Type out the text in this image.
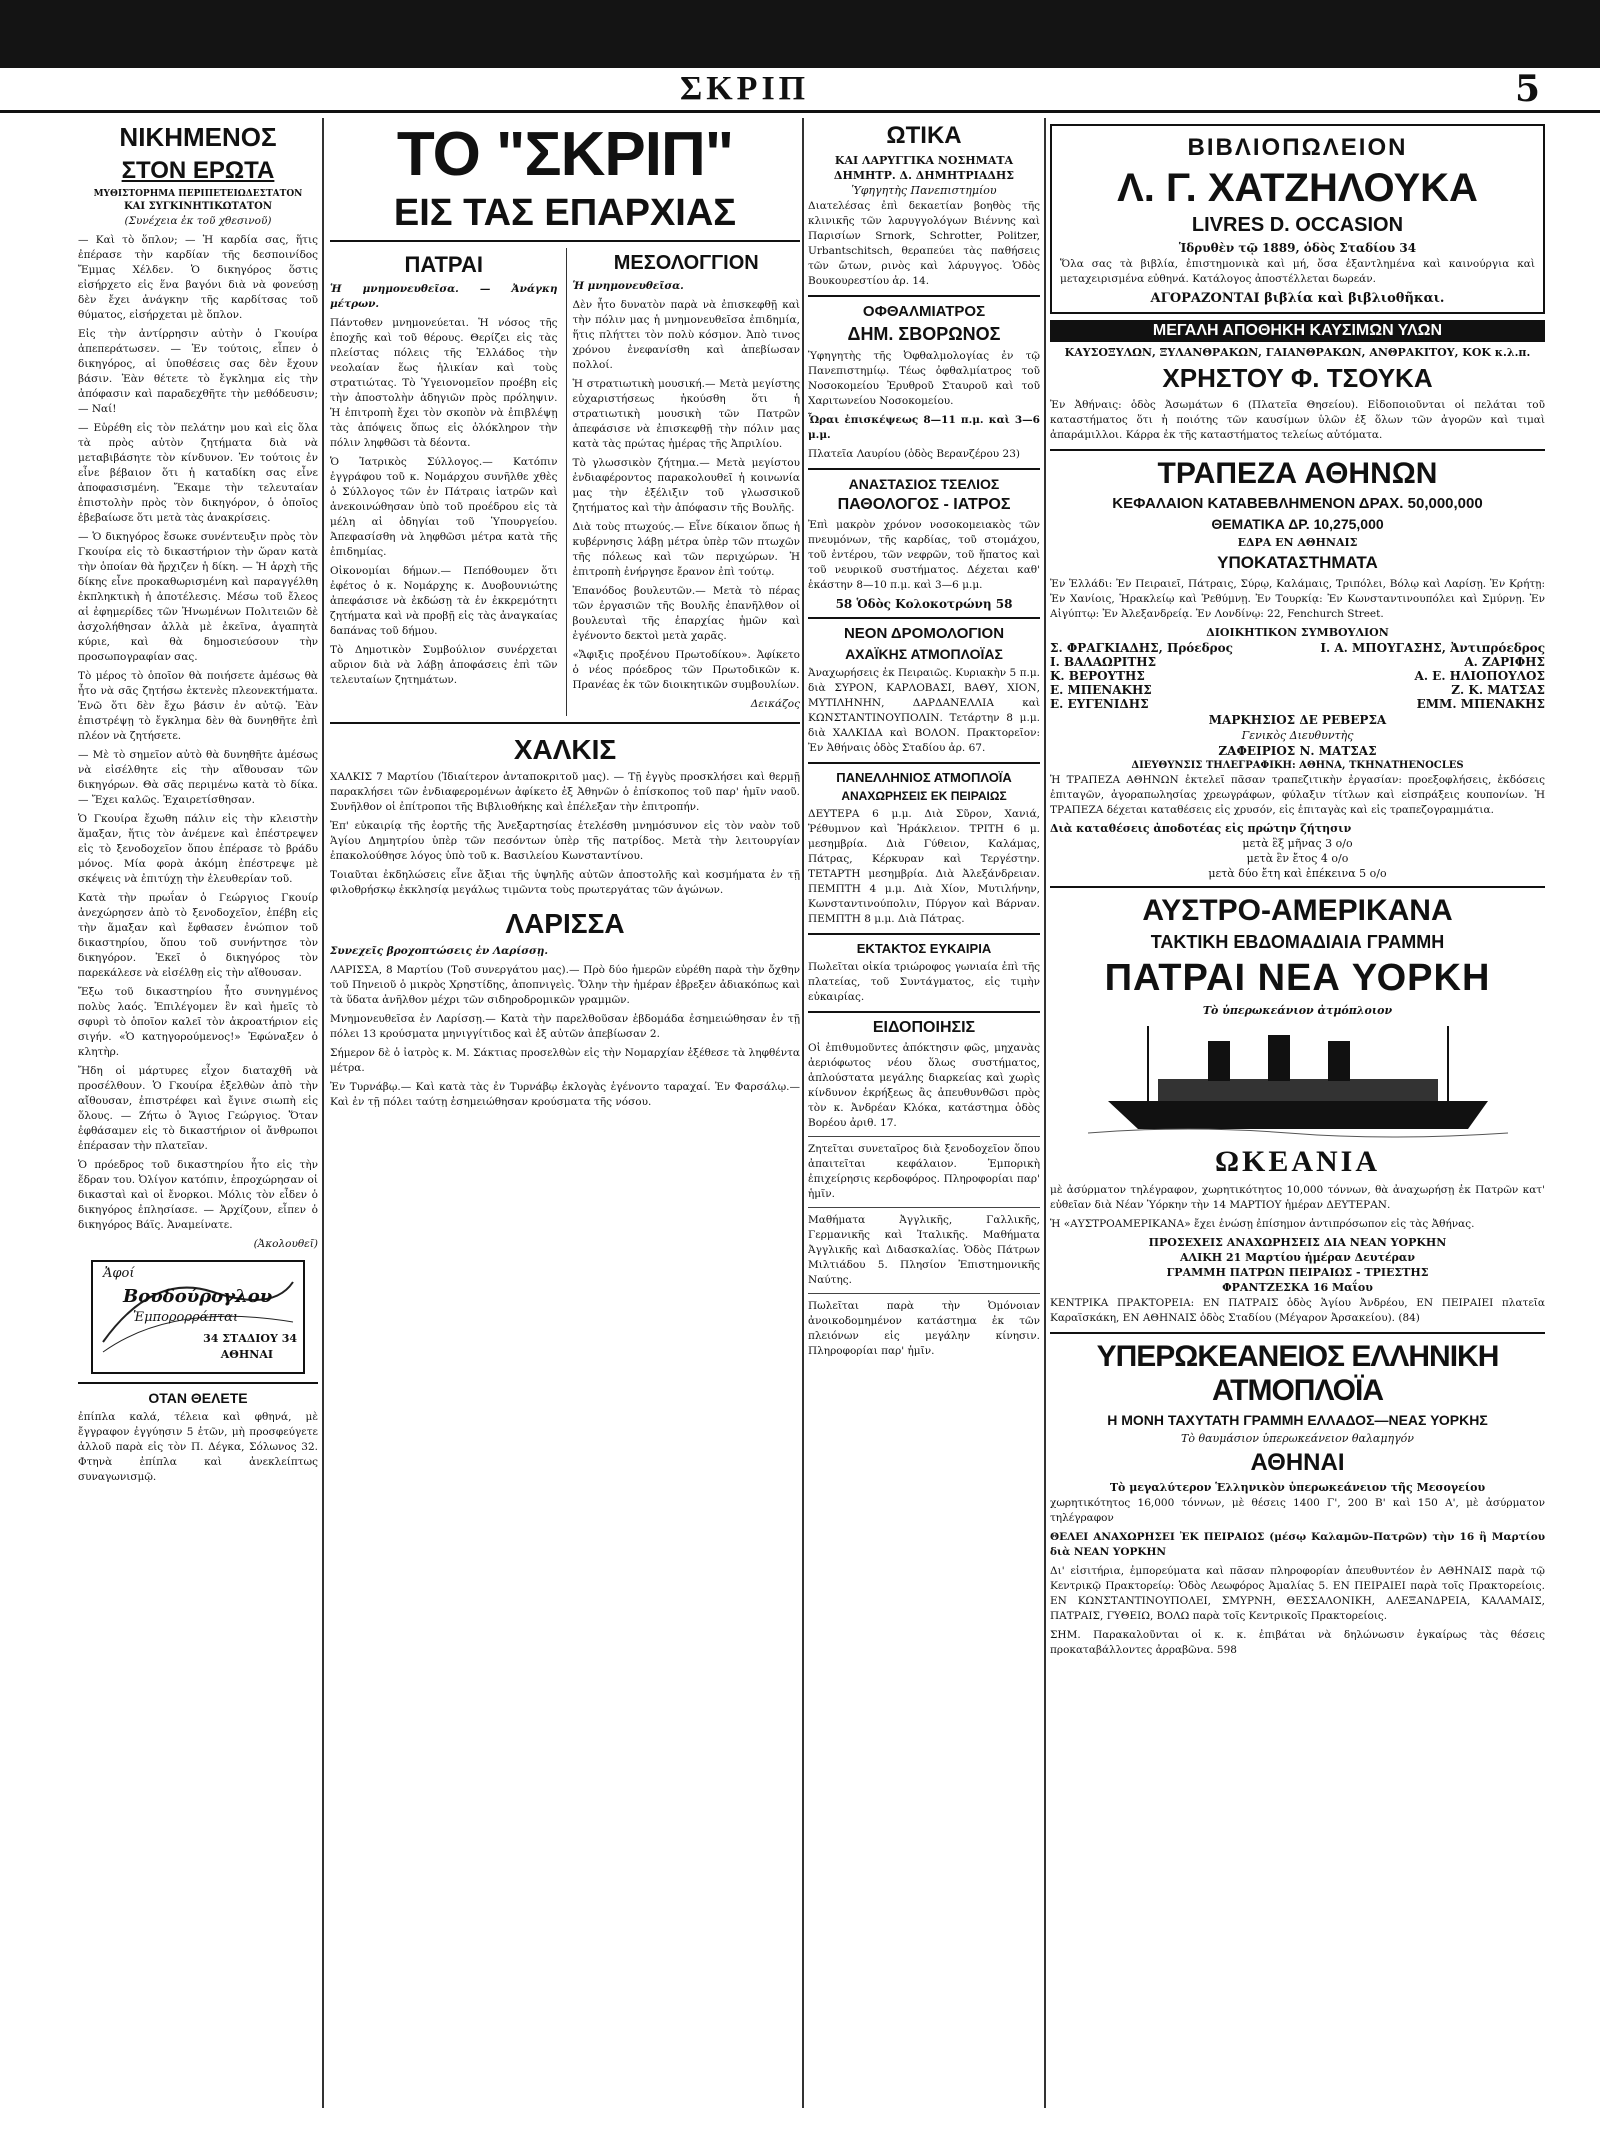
ΣΚΡΙΠ	5
ΝΙΚΗΜΕΝΟΣ
ΣΤΟΝ ΕΡΩΤΑ
ΜΥΘΙΣΤΟΡΗΜΑ ΠΕΡΙΠΕΤΕΙΩΔΕΣΤΑΤΟΝ
ΚΑΙ ΣΥΓΚΙΝΗΤΙΚΩΤΑΤΟΝ

(Συνέχεια ἐκ τοῦ χθεσινοῦ)

— Καὶ τὸ ὅπλον; — Ἡ καρδία σας, ἥτις ἐπέρασε τὴν καρδίαν τῆς δεσποινίδος Ἔμμας Χέλδεν. Ὁ δικηγόρος ὅστις εἰσήρχετο εἰς ἕνα βαγόνι διὰ νὰ φονεύσῃ δὲν ἔχει ἀνάγκην τῆς καρδίτσας τοῦ θύματος, εἰσήρχεται μὲ ὅπλον.

Εἰς τὴν ἀντίρρησιν αὐτὴν ὁ Γκουίρα ἀπεπεράτωσεν. — Ἐν τούτοις, εἶπεν ὁ δικηγόρος, αἱ ὑποθέσεις σας δὲν ἔχουν βάσιν. Ἐὰν θέτετε τὸ ἔγκλημα εἰς τὴν ἀπόφασιν καὶ παραδεχθῆτε τὴν μεθόδευσιν; — Ναί!

— Εὑρέθη εἰς τὸν πελάτην μου καὶ εἰς ὅλα τὰ πρὸς αὐτὸν ζητήματα διὰ νὰ μεταβιβάσητε τὸν κίνδυνον. Ἐν τούτοις ἐν εἶνε βέβαιον ὅτι ἡ καταδίκη σας εἶνε ἀποφασισμένη. Ἔκαμε τὴν τελευταίαν ἐπιστολὴν πρὸς τὸν δικηγόρον, ὁ ὁποῖος ἐβεβαίωσε ὅτι μετὰ τὰς ἀνακρίσεις.

— Ὁ δικηγόρος ἔσωκε συνέντευξιν πρὸς τὸν Γκουίρα εἰς τὸ δικαστήριον τὴν ὥραν κατὰ τὴν ὁποίαν θὰ ἤρχιζεν ἡ δίκη. — Ἡ ἀρχὴ τῆς δίκης εἶνε προκαθωρισμένη καὶ παραγγέλθη ἐκπληκτικὴ ἡ ἀποτέλεσις. Μέσω τοῦ ἔλεος αἱ ἐφημερίδες τῶν Ἠνωμένων Πολιτειῶν δὲ ἀσχολήθησαν ἀλλὰ μὲ ἐκεῖνα, ἀγαπητὰ κύριε, καὶ θὰ δημοσιεύσουν τὴν προσωπογραφίαν σας.

Τὸ μέρος τὸ ὁποῖον θὰ ποιήσετε ἀμέσως θὰ ἦτο νὰ σᾶς ζητήσω ἐκτενὲς πλεονεκτήματα. Ἐνῶ ὅτι δὲν ἔχω βάσιν ἐν αὐτῷ. Ἐὰν ἐπιστρέψῃ τὸ ἔγκλημα δὲν θὰ δυνηθῆτε ἐπὶ πλέον νὰ ζητήσετε.

— Μὲ τὸ σημεῖον αὐτὸ θὰ δυνηθῆτε ἀμέσως νὰ εἰσέλθητε εἰς τὴν αἴθουσαν τῶν δικηγόρων. Θὰ σᾶς περιμένω κατὰ τὸ δίκα. — Ἔχει καλῶς. Ἐχαιρετίσθησαν.

Ὁ Γκουίρα ἔχωθη πάλιν εἰς τὴν κλειστὴν ἅμαξαν, ἥτις τὸν ἀνέμενε καὶ ἐπέστρεψεν εἰς τὸ ξενοδοχεῖον ὅπου ἐπέρασε τὸ βράδυ μόνος. Μία φορὰ ἀκόμη ἐπέστρεψε μὲ σκέψεις νὰ ἐπιτύχῃ τὴν ἐλευθερίαν τοῦ.

Κατὰ τὴν πρωΐαν ὁ Γεώργιος Γκουίρ ἀνεχώρησεν ἀπὸ τὸ ξενοδοχεῖον, ἐπέβη εἰς τὴν ἅμαξαν καὶ ἔφθασεν ἐνώπιον τοῦ δικαστηρίου, ὅπου τοῦ συνήντησε τὸν δικηγόρον. Ἐκεῖ ὁ δικηγόρος τὸν παρεκάλεσε νὰ εἰσέλθῃ εἰς τὴν αἴθουσαν.

Ἔξω τοῦ δικαστηρίου ἦτο συνηγμένος πολὺς λαός. Ἐπιλέγομεν ἓν καὶ ἡμεῖς τὸ σφυρὶ τὸ ὁποῖον καλεῖ τὸν ἀκροατήριον εἰς σιγήν. «Ὁ κατηγορούμενος!» Ἐφώναξεν ὁ κλητὴρ.

Ἤδη οἱ μάρτυρες εἶχον διαταχθῆ νὰ προσέλθουν. Ὁ Γκουίρα ἐξελθὼν ἀπὸ τὴν αἴθουσαν, ἐπιστρέφει καὶ ἔγινε σιωπὴ εἰς ὅλους. — Ζήτω ὁ Ἅγιος Γεώργιος. Ὅταν ἐφθάσαμεν εἰς τὸ δικαστήριον οἱ ἄνθρωποι ἐπέρασαν τὴν πλατεῖαν.

Ὁ πρόεδρος τοῦ δικαστηρίου ἦτο εἰς τὴν ἕδραν του. Ὀλίγον κατόπιν, ἐπροχώρησαν οἱ δικασταὶ καὶ οἱ ἔνορκοι. Μόλις τὸν εἶδεν ὁ δικηγόρος ἐπλησίασε. — Ἀρχίζουν, εἶπεν ὁ δικηγόρος Βάϊς. Ἀναμείνατε.

(Ἀκολουθεῖ)

Ἀφοί
Βουδούρογλου
Ἐμπορορράπται
34 ΣΤΑΔΙΟΥ 34
ΑΘΗΝΑΙ
ΟΤΑΝ ΘΕΛΕΤΕ

ἐπίπλα καλά, τέλεια καὶ φθηνά, μὲ ἔγγραφον ἐγγύησιν 5 ἐτῶν, μὴ προσφεύγετε ἀλλοῦ παρὰ εἰς τὸν Π. Δέγκα, Σόλωνος 32. Φτηνὰ ἐπίπλα καὶ ἀνεκλείπτως συναγωνισμῷ.

ΤΟ "ΣΚΡΙΠ"
ΕΙΣ ΤΑΣ ΕΠΑΡΧΙΑΣ
ΠΑΤΡΑΙ

Ἡ μνημονευθεῖσα. — Ἀνάγκη μέτρων.

Πάντοθεν μνημονεύεται. Ἡ νόσος τῆς ἐποχῆς καὶ τοῦ θέρους. Θερίζει εἰς τὰς πλείστας πόλεις τῆς Ἑλλάδος τὴν νεολαίαν ἕως ἡλικίαν καὶ τοὺς στρατιώτας. Τὸ Ὑγειονομεῖον προέβη εἰς τὴν ἀποστολὴν ἀδηγιῶν πρὸς πρόληψιν. Ἡ ἐπιτροπὴ ἔχει τὸν σκοπὸν νὰ ἐπιβλέψῃ τὰς ἀπόψεις ὅπως εἰς ὁλόκληρον τὴν πόλιν ληφθῶσι τὰ δέοντα.

Ὁ Ἰατρικὸς Σύλλογος.— Κατόπιν ἐγγράφου τοῦ κ. Νομάρχου συνῆλθε χθὲς ὁ Σύλλογος τῶν ἐν Πάτραις ἰατρῶν καὶ ἀνεκοινώθησαν ὑπὸ τοῦ προέδρου εἰς τὰ μέλη αἱ ὁδηγίαι τοῦ Ὑπουργείου. Ἀπεφασίσθη νὰ ληφθῶσι μέτρα κατὰ τῆς ἐπιδημίας.

Οἰκονομίαι δήμων.— Πεπόθουμεν ὅτι ἐφέτος ὁ κ. Νομάρχης κ. Δυοβουνιώτης ἀπεφάσισε νὰ ἐκδώσῃ τὰ ἐν ἐκκρεμότητι ζητήματα καὶ νὰ προβῇ εἰς τὰς ἀναγκαίας δαπάνας τοῦ δήμου.

Τὸ Δημοτικὸν Συμβούλιον συνέρχεται αὔριον διὰ νὰ λάβῃ ἀποφάσεις ἐπὶ τῶν τελευταίων ζητημάτων.

ΜΕΣΟΛΟΓΓΙΟΝ

Ἡ μνημονευθεῖσα.

Δὲν ἦτο δυνατὸν παρὰ νὰ ἐπισκεφθῇ καὶ τὴν πόλιν μας ἡ μνημονευθεῖσα ἐπιδημία, ἥτις πλήττει τὸν πολὺ κόσμον. Ἀπὸ τινος χρόνου ἐνεφανίσθη καὶ ἀπεβίωσαν πολλοί.

Ἡ στρατιωτικὴ μουσική.— Μετὰ μεγίστης εὐχαριστήσεως ἠκούσθη ὅτι ἡ στρατιωτικὴ μουσικὴ τῶν Πατρῶν ἀπεφάσισε νὰ ἐπισκεφθῇ τὴν πόλιν μας κατὰ τὰς πρώτας ἡμέρας τῆς Ἀπριλίου.

Τὸ γλωσσικὸν ζήτημα.— Μετὰ μεγίστου ἐνδιαφέροντος παρακολουθεῖ ἡ κοινωνία μας τὴν ἐξέλιξιν τοῦ γλωσσικοῦ ζητήματος καὶ τὴν ἀπόφασιν τῆς Βουλῆς.

Διὰ τοὺς πτωχούς.— Εἶνε δίκαιον ὅπως ἡ κυβέρνησις λάβῃ μέτρα ὑπὲρ τῶν πτωχῶν τῆς πόλεως καὶ τῶν περιχώρων. Ἡ ἐπιτροπὴ ἐνήργησε ἔρανον ἐπὶ τούτῳ.

Ἐπανόδος βουλευτῶν.— Μετὰ τὸ πέρας τῶν ἐργασιῶν τῆς Βουλῆς ἐπανῆλθον οἱ βουλευταὶ τῆς ἐπαρχίας ἡμῶν καὶ ἐγένοντο δεκτοὶ μετὰ χαρᾶς.

«Ἄφιξις προξένου Πρωτοδίκου». Ἀφίκετο ὁ νέος πρόεδρος τῶν Πρωτοδικῶν κ. Πρανέας ἐκ τῶν διοικητικῶν συμβουλίων.

Δεικάζος

ΧΑΛΚΙΣ

ΧΑΛΚΙΣ 7 Μαρτίου (Ἰδιαίτερον ἀνταποκριτοῦ μας). — Τῇ ἐγγὺς προσκλήσει καὶ θερμῇ παρακλήσει τῶν ἐνδιαφερομένων ἀφίκετο ἐξ Ἀθηνῶν ὁ ἐπίσκοπος τοῦ παρ' ἡμῖν ναοῦ. Συνῆλθον οἱ ἐπίτροποι τῆς Βιβλιοθήκης καὶ ἐπέλεξαν τὴν ἐπιτροπήν.

Ἐπ' εὐκαιρίᾳ τῆς ἑορτῆς τῆς Ἀνεξαρτησίας ἐτελέσθη μνημόσυνον εἰς τὸν ναὸν τοῦ Ἁγίου Δημητρίου ὑπὲρ τῶν πεσόντων ὑπὲρ τῆς πατρίδος. Μετὰ τὴν λειτουργίαν ἐπακολούθησε λόγος ὑπὸ τοῦ κ. Βασιλείου Κωνσταντίνου.

Τοιαῦται ἐκδηλώσεις εἶνε ἄξιαι τῆς ὑψηλῆς αὐτῶν ἀποστολῆς καὶ κοσμήματα ἐν τῇ φιλοθρήσκῳ ἐκκλησίᾳ μεγάλως τιμῶντα τοὺς πρωτεργάτας τῶν ἀγώνων.

ΛΑΡΙΣΣΑ

Συνεχεῖς βροχοπτώσεις ἐν Λαρίσσῃ.

ΛΑΡΙΣΣΑ, 8 Μαρτίου (Τοῦ συνεργάτου μας).— Πρὸ δύο ἡμερῶν εὑρέθη παρὰ τὴν ὄχθην τοῦ Πηνειοῦ ὁ μικρὸς Χρηστίδης, ἀποπνιγεὶς. Ὅλην τὴν ἡμέραν ἐβρεξεν ἀδιακόπως καὶ τὰ ὕδατα ἀνῆλθον μέχρι τῶν σιδηροδρομικῶν γραμμῶν.

Μνημονευθεῖσα ἐν Λαρίσσῃ.— Κατὰ τὴν παρελθοῦσαν ἑβδομάδα ἐσημειώθησαν ἐν τῇ πόλει 13 κρούσματα μηνιγγίτιδος καὶ ἐξ αὐτῶν ἀπεβίωσαν 2.

Σήμερον δὲ ὁ ἰατρὸς κ. Μ. Σάκτιας προσελθὼν εἰς τὴν Νομαρχίαν ἐξέθεσε τὰ ληφθέντα μέτρα.

Ἐν Τυρνάβῳ.— Καὶ κατὰ τὰς ἐν Τυρνάβῳ ἐκλογὰς ἐγένοντο ταραχαί. Ἐν Φαρσάλῳ.— Καὶ ἐν τῇ πόλει ταύτῃ ἐσημειώθησαν κρούσματα τῆς νόσου.

ΩΤΙΚΑ
ΚΑΙ ΛΑΡΥΓΓΙΚΑ ΝΟΣΗΜΑΤΑ
ΔΗΜΗΤΡ. Δ. ΔΗΜΗΤΡΙΑΔΗΣ
Ὑφηγητὴς Πανεπιστημίου

Διατελέσας ἐπὶ δεκαετίαν βοηθὸς τῆς κλινικῆς τῶν λαρυγγολόγων Βιέννης καὶ Παρισίων Srnork, Schrotter, Politzer, Urbantschitsch, θεραπεύει τὰς παθήσεις τῶν ὤτων, ρινὸς καὶ λάρυγγος. Ὁδὸς Βουκουρεστίου ἀρ. 14.

ΟΦΘΑΛΜΙΑΤΡΟΣ
ΔΗΜ. ΣΒΟΡΩΝΟΣ

Ὑφηγητὴς τῆς Ὀφθαλμολογίας ἐν τῷ Πανεπιστημίῳ. Τέως ὀφθαλμίατρος τοῦ Νοσοκομείου Ἐρυθροῦ Σταυροῦ καὶ τοῦ Χαριτωνείου Νοσοκομείου.

Ὧραι ἐπισκέψεως 8—11 π.μ. καὶ 3—6 μ.μ.

Πλατεῖα Λαυρίου (ὁδὸς Βερανζέρου 23)

ΑΝΑΣΤΑΣΙΟΣ ΤΣΕΛΙΟΣ
ΠΑΘΟΛΟΓΟΣ - ΙΑΤΡΟΣ

Ἐπὶ μακρὸν χρόνον νοσοκομειακὸς τῶν πνευμόνων, τῆς καρδίας, τοῦ στομάχου, τοῦ ἐντέρου, τῶν νεφρῶν, τοῦ ἥπατος καὶ τοῦ νευρικοῦ συστήματος. Δέχεται καθ' ἑκάστην 8—10 π.μ. καὶ 3—6 μ.μ.

58 Ὁδὸς Κολοκοτρώνη 58
ΝΕΟΝ ΔΡΟΜΟΛΟΓΙΟΝ
ΑΧΑΪΚΗΣ ΑΤΜΟΠΛΟΪΑΣ

Ἀναχωρήσεις ἐκ Πειραιῶς. Κυριακὴν 5 π.μ. διὰ ΣΥΡΟΝ, ΚΑΡΛΟΒΑΣΙ, ΒΑΘΥ, ΧΙΟΝ, ΜΥΤΙΛΗΝΗΝ, ΔΑΡΔΑΝΕΛΛΙΑ καὶ ΚΩΝΣΤΑΝΤΙΝΟΥΠΟΛΙΝ. Τετάρτην 8 μ.μ. διὰ ΧΑΛΚΙΔΑ καὶ ΒΟΛΟΝ. Πρακτορεῖον: Ἐν Ἀθήναις ὁδὸς Σταδίου ἀρ. 67.

ΠΑΝΕΛΛΗΝΙΟΣ ΑΤΜΟΠΛΟΪΑ
ΑΝΑΧΩΡΗΣΕΙΣ ΕΚ ΠΕΙΡΑΙΩΣ

ΔΕΥΤΕΡΑ 6 μ.μ. Διὰ Σῦρον, Χανιά, Ῥέθυμνον καὶ Ἡράκλειον. ΤΡΙΤΗ 6 μ. μεσημβρία. Διὰ Γύθειον, Καλάμας, Πάτρας, Κέρκυραν καὶ Τεργέστην. ΤΕΤΑΡΤΗ μεσημβρία. Διὰ Ἀλεξάνδρειαν. ΠΕΜΠΤΗ 4 μ.μ. Διὰ Χίον, Μυτιλήνην, Κωνσταντινούπολιν, Πύργον καὶ Βάρναν. ΠΕΜΠΤΗ 8 μ.μ. Διὰ Πάτρας.

ΕΚΤΑΚΤΟΣ ΕΥΚΑΙΡΙΑ

Πωλεῖται οἰκία τριώροφος γωνιαία ἐπὶ τῆς πλατείας, τοῦ Συντάγματος, εἰς τιμὴν εὐκαιρίας.

ΕΙΔΟΠΟΙΗΣΙΣ

Οἱ ἐπιθυμοῦντες ἀπόκτησιν φῶς, μηχανὰς ἀεριόφωτος νέου ὅλως συστήματος, ἁπλούστατα μεγάλης διαρκείας καὶ χωρὶς κίνδυνον ἐκρήξεως ἂς ἀπευθυνθῶσι πρὸς τὸν κ. Ἀνδρέαν Κλόκα, κατάστημα ὁδὸς Βορέου ἀριθ. 17.

Ζητεῖται συνεταῖρος διὰ ξενοδοχεῖον ὅπου ἀπαιτεῖται κεφάλαιον. Ἐμπορικὴ ἐπιχείρησις κερδοφόρος. Πληροφορίαι παρ' ἡμῖν.

Μαθήματα Ἀγγλικῆς, Γαλλικῆς, Γερμανικῆς καὶ Ἰταλικῆς. Μαθήματα Ἀγγλικῆς καὶ Διδασκαλίας. Ὁδὸς Πάτρων Μιλτιάδου 5. Πλησίον Ἐπιστημονικῆς Ναύτης.

Πωλεῖται παρὰ τὴν Ὀμόνοιαν ἀνοικοδομημένον κατάστημα ἐκ τῶν πλειόνων εἰς μεγάλην κίνησιν. Πληροφορίαι παρ' ἡμῖν.

ΒΙΒΛΙΟΠΩΛΕΙΟΝ
Λ. Γ. ΧΑΤΖΗΛΟΥΚΑ
LIVRES D. OCCASION
Ἱδρυθὲν τῷ 1889, ὁδὸς Σταδίου 34

Ὅλα σας τὰ βιβλία, ἐπιστημονικὰ καὶ μή, ὅσα ἐξαντλημένα καὶ καινούργια καὶ μεταχειρισμένα εὐθηνά. Κατάλογος ἀποστέλλεται δωρεάν.

ΑΓΟΡΑΖΟΝΤΑΙ βιβλία καὶ βιβλιοθῆκαι.
ΜΕΓΑΛΗ ΑΠΟΘΗΚΗ ΚΑΥΣΙΜΩΝ ΥΛΩΝ
ΚΑΥΣΟΞΥΛΩΝ, ΞΥΛΑΝΘΡΑΚΩΝ, ΓΑΙΑΝΘΡΑΚΩΝ, ΑΝΘΡΑΚΙΤΟΥ, ΚΟΚ κ.λ.π.
ΧΡΗΣΤΟΥ Φ. ΤΣΟΥΚΑ

Ἐν Ἀθήναις: ὁδὸς Ἀσωμάτων 6 (Πλατεῖα Θησείου). Εἰδοποιοῦνται οἱ πελάται τοῦ καταστήματος ὅτι ἡ ποιότης τῶν καυσίμων ὑλῶν ἐξ ὅλων τῶν ἀγορῶν καὶ τιμαὶ ἀπαράμιλλοι. Κάρρα ἐκ τῆς καταστήματος τελείως αὐτόματα.

ΤΡΑΠΕΖΑ ΑΘΗΝΩΝ
ΚΕΦΑΛΑΙΟΝ ΚΑΤΑΒΕΒΛΗΜΕΝΟΝ ΔΡΑΧ. 50,000,000
ΘΕΜΑΤΙΚΑ ΔΡ. 10,275,000
ΕΔΡΑ ΕΝ ΑΘΗΝΑΙΣ
ΥΠΟΚΑΤΑΣΤΗΜΑΤΑ

Ἐν Ἑλλάδι: Ἐν Πειραιεῖ, Πάτραις, Σύρῳ, Καλάμαις, Τριπόλει, Βόλῳ καὶ Λαρίσῃ. Ἐν Κρήτῃ: Ἐν Χανίοις, Ἡρακλείῳ καὶ Ῥεθύμνῃ. Ἐν Τουρκίᾳ: Ἐν Κωνσταντινουπόλει καὶ Σμύρνῃ. Ἐν Αἰγύπτῳ: Ἐν Ἀλεξανδρείᾳ. Ἐν Λονδίνῳ: 22, Fenchurch Street.

ΔΙΟΙΚΗΤΙΚΟΝ ΣΥΜΒΟΥΛΙΟΝ
Σ. ΦΡΑΓΚΙΑΔΗΣ, Πρόεδρος	Ι. Α. ΜΠΟΥΓΑΣΗΣ, Ἀντιπρόεδρος
Ι. ΒΑΛΑΩΡΙΤΗΣ	Α. ΖΑΡΙΦΗΣ
Κ. ΒΕΡΟΥΤΗΣ	Α. Ε. ΗΛΙΟΠΟΥΛΟΣ
Ε. ΜΠΕΝΑΚΗΣ	Ζ. Κ. ΜΑΤΣΑΣ
Ε. ΕΥΓΕΝΙΔΗΣ	ΕΜΜ. ΜΠΕΝΑΚΗΣ
ΜΑΡΚΗΣΙΟΣ ΔΕ ΡΕΒΕΡΣΑ
Γενικὸς Διευθυντὴς
ΖΑΦΕΙΡΙΟΣ Ν. ΜΑΤΣΑΣ
ΔΙΕΥΘΥΝΣΙΣ ΤΗΛΕΓΡΑΦΙΚΗ: ΑΘΗΝΑ, ΤΚΗΝΑΤΗΕΝOCLES

Ἡ ΤΡΑΠΕΖΑ ΑΘΗΝΩΝ ἐκτελεῖ πᾶσαν τραπεζιτικὴν ἐργασίαν: προεξοφλήσεις, ἐκδόσεις ἐπιταγῶν, ἀγοραπωλησίας χρεωγράφων, φύλαξιν τίτλων καὶ εἰσπράξεις κουπονίων. Ἡ ΤΡΑΠΕΖΑ δέχεται καταθέσεις εἰς χρυσόν, εἰς ἐπιταγὰς καὶ εἰς τραπεζογραμμάτια.

Διὰ καταθέσεις ἀποδοτέας εἰς πρώτην ζήτησιν
μετὰ ἓξ μῆνας 3 ο/ο
μετὰ ἓν ἔτος 4 ο/ο
μετὰ δύο ἔτη καὶ ἐπέκεινα 5 ο/ο
ΑΥΣΤΡΟ-ΑΜΕΡΙΚΑΝΑ
ΤΑΚΤΙΚΗ ΕΒΔΟΜΑΔΙΑΙΑ ΓΡΑΜΜΗ
ΠΑΤΡΑΙ ΝΕΑ ΥΟΡΚΗ
Τὸ ὑπερωκεάνιον ἀτμόπλοιον
ΩΚΕΑΝΙΑ

μὲ ἀσύρματον τηλέγραφον, χωρητικότητος 10,000 τόννων, θὰ ἀναχωρήσῃ ἐκ Πατρῶν κατ' εὐθεῖαν διὰ Νέαν Ὑόρκην τὴν 14 ΜΑΡΤΙΟΥ ἡμέραν ΔΕΥΤΕΡΑΝ.

Ἡ «ΑΥΣΤΡΟΑΜΕΡΙΚΑΝΑ» ἔχει ἐνώσῃ ἐπίσημον ἀντιπρόσωπον εἰς τὰς Ἀθήνας.

ΠΡΟΣΕΧΕΙΣ ΑΝΑΧΩΡΗΣΕΙΣ ΔΙΑ ΝΕΑΝ ΥΟΡΚΗΝ
ΑΛΙΚΗ 21 Μαρτίου ἡμέραν Δευτέραν
ΓΡΑΜΜΗ ΠΑΤΡΩΝ ΠΕΙΡΑΙΩΣ - ΤΡΙΕΣΤΗΣ
ΦΡΑΝΤΖΕΣΚΑ 16 Μαΐου

ΚΕΝΤΡΙΚΑ ΠΡΑΚΤΟΡΕΙΑ: ΕΝ ΠΑΤΡΑΙΣ ὁδὸς Ἁγίου Ἀνδρέου, ΕΝ ΠΕΙΡΑΙΕΙ πλατεῖα Καραϊσκάκη, ΕΝ ΑΘΗΝΑΙΣ ὁδὸς Σταδίου (Μέγαρον Ἀρσακείου). (84)

ΥΠΕΡΩΚΕΑΝΕΙΟΣ ΕΛΛΗΝΙΚΗ ΑΤΜΟΠΛΟΪΑ
Η ΜΟΝΗ ΤΑΧΥΤΑΤΗ ΓΡΑΜΜΗ ΕΛΛΑΔΟΣ—ΝΕΑΣ ΥΟΡΚΗΣ
Τὸ θαυμάσιον ὑπερωκεάνειον θαλαμηγόν
ΑΘΗΝΑΙ
Τὸ μεγαλύτερον Ἑλληνικὸν ὑπερωκεάνειον τῆς Μεσογείου

χωρητικότητος 16,000 τόννων, μὲ θέσεις 1400 Γ', 200 Β' καὶ 150 Α', μὲ ἀσύρματον τηλέγραφον

ΘΕΛΕΙ ΑΝΑΧΩΡΗΣΕΙ ἘΚ ΠΕΙΡΑΙΩΣ (μέσῳ Καλαμῶν-Πατρῶν) τὴν 16 ἢ Μαρτίου διὰ ΝΕΑΝ ΥΟΡΚΗΝ

Δι' εἰσιτήρια, ἐμπορεύματα καὶ πᾶσαν πληροφορίαν ἀπευθυντέον ἐν ΑΘΗΝΑΙΣ παρὰ τῷ Κεντρικῷ Πρακτορείῳ: Ὁδὸς Λεωφόρος Ἀμαλίας 5. ΕΝ ΠΕΙΡΑΙΕΙ παρὰ τοῖς Πρακτορείοις. ΕΝ ΚΩΝΣΤΑΝΤΙΝΟΥΠΟΛΕΙ, ΣΜΥΡΝΗ, ΘΕΣΣΑΛΟΝΙΚΗ, ΑΛΕΞΑΝΔΡΕΙΑ, ΚΑΛΑΜΑΙΣ, ΠΑΤΡΑΙΣ, ΓΥΘΕΙΩ, ΒΟΛΩ παρὰ τοῖς Κεντρικοῖς Πρακτορείοις.

ΣΗΜ. Παρακαλοῦνται οἱ κ. κ. ἐπιβάται νὰ δηλώνωσιν ἐγκαίρως τὰς θέσεις προκαταβάλλοντες ἀρραβῶνα. 598
